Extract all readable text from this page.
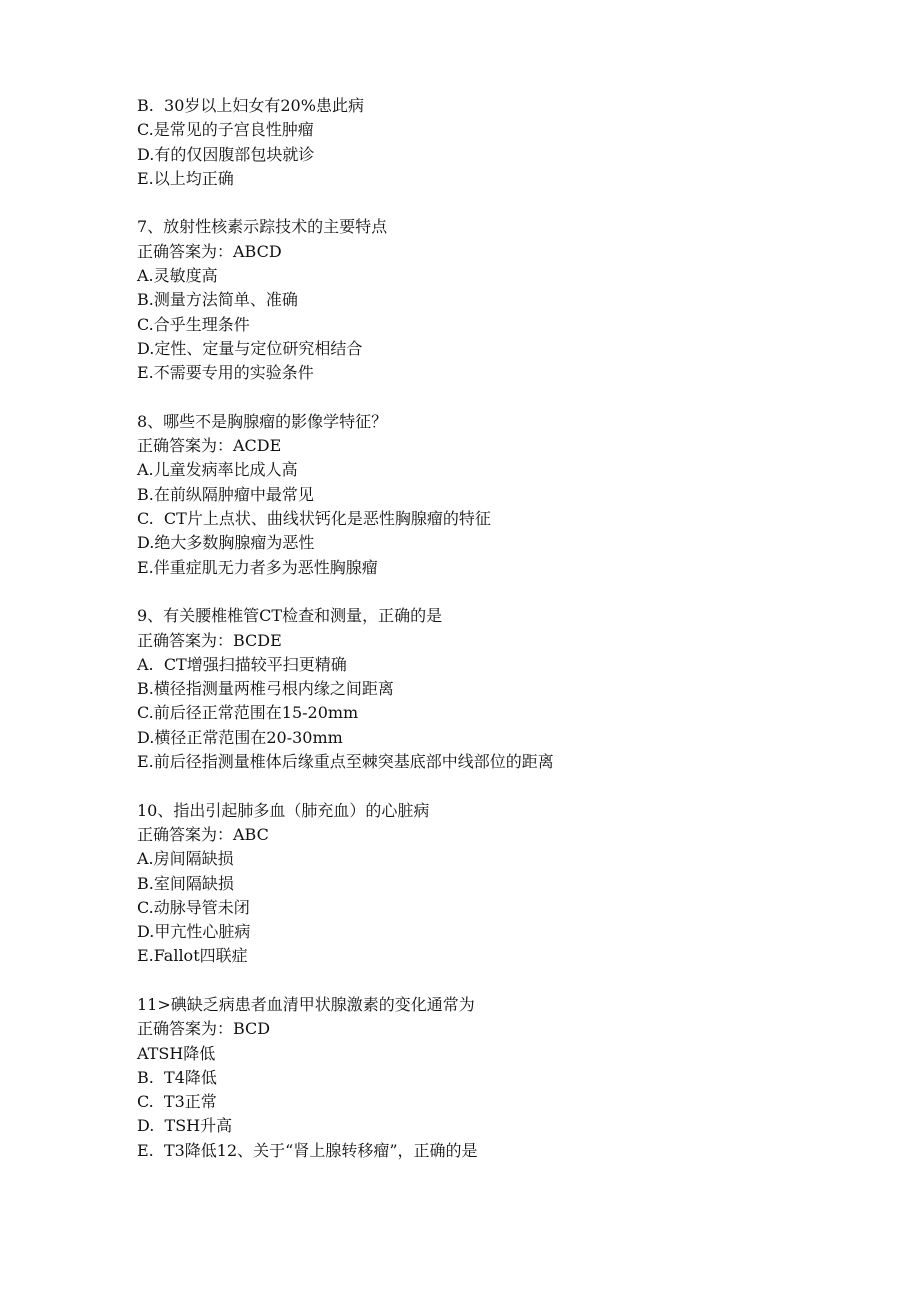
B.  30岁以上妇女有20%患此病
C.是常见的子宫良性肿瘤
D.有的仅因腹部包块就诊
E.以上均正确
7、放射性核素示踪技术的主要特点
正确答案为：ABCD
A.灵敏度高
B.测量方法简单、准确
C.合乎生理条件
D.定性、定量与定位研究相结合
E.不需要专用的实验条件
8、哪些不是胸腺瘤的影像学特征？
正确答案为：ACDE
A.儿童发病率比成人高
B.在前纵隔肿瘤中最常见
C.  CT片上点状、曲线状钙化是恶性胸腺瘤的特征
D.绝大多数胸腺瘤为恶性
E.伴重症肌无力者多为恶性胸腺瘤
9、有关腰椎椎管CT检查和测量，正确的是
正确答案为：BCDE
A.  CT增强扫描较平扫更精确
B.横径指测量两椎弓根内缘之间距离
C.前后径正常范围在15-20mm
D.横径正常范围在20-30mm
E.前后径指测量椎体后缘重点至棘突基底部中线部位的距离
10、指出引起肺多血（肺充血）的心脏病
正确答案为：ABC
A.房间隔缺损
B.室间隔缺损
C.动脉导管未闭
D.甲亢性心脏病
E.Fallot四联症
11>碘缺乏病患者血清甲状腺激素的变化通常为
正确答案为：BCD
ATSH降低
B.  T4降低
C.  T3正常
D.  TSH升高
E.  T3降低12、关于“肾上腺转移瘤”，正确的是
